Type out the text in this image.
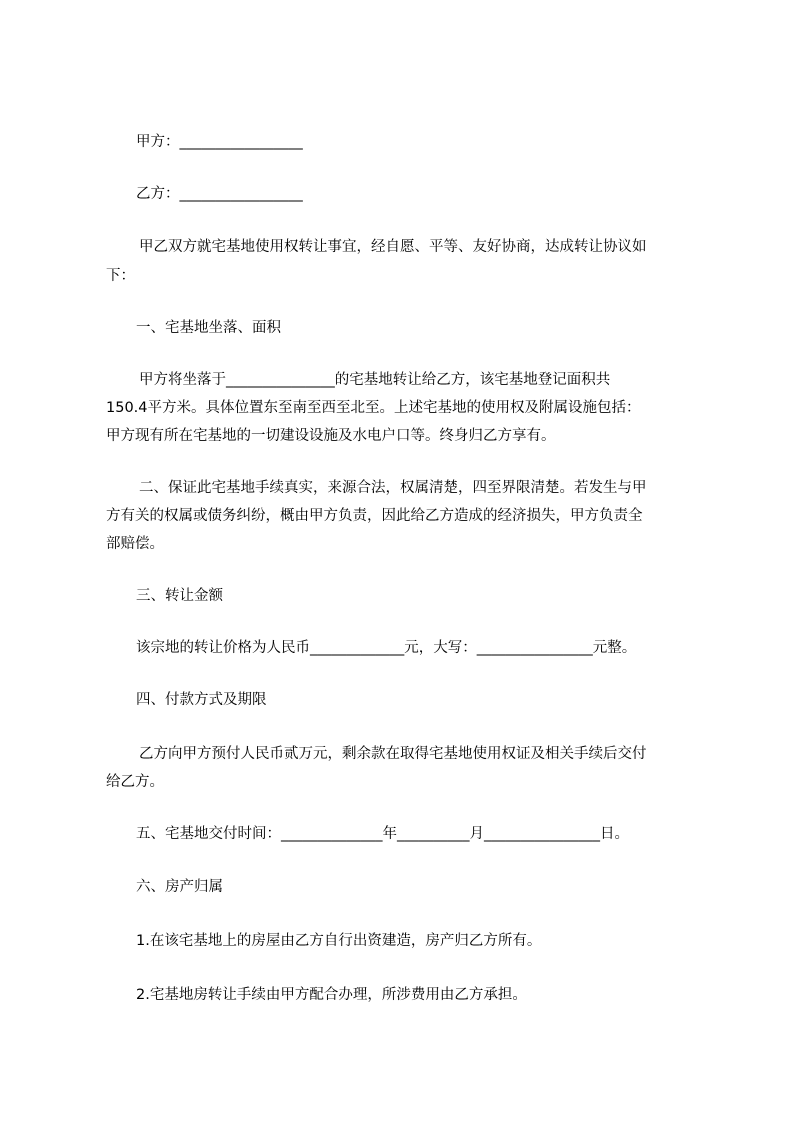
甲方：_________________
乙方：_________________
甲乙双方就宅基地使用权转让事宜，经自愿、平等、友好协商，达成转让协议如
下：
一、宅基地坐落、面积
甲方将坐落于_______________的宅基地转让给乙方，该宅基地登记面积共
150.4平方米。具体位置东至南至西至北至。上述宅基地的使用权及附属设施包括：
甲方现有所在宅基地的一切建设设施及水电户口等。终身归乙方享有。
二、保证此宅基地手续真实，来源合法，权属清楚，四至界限清楚。若发生与甲
方有关的权属或债务纠纷，概由甲方负责，因此给乙方造成的经济损失，甲方负责全
部赔偿。
三、转让金额
该宗地的转让价格为人民币_____________元，大写：________________元整。
四、付款方式及期限
乙方向甲方预付人民币贰万元，剩余款在取得宅基地使用权证及相关手续后交付
给乙方。
五、宅基地交付时间：______________年__________月________________日。
六、房产归属
1.在该宅基地上的房屋由乙方自行出资建造，房产归乙方所有。
2.宅基地房转让手续由甲方配合办理，所涉费用由乙方承担。
